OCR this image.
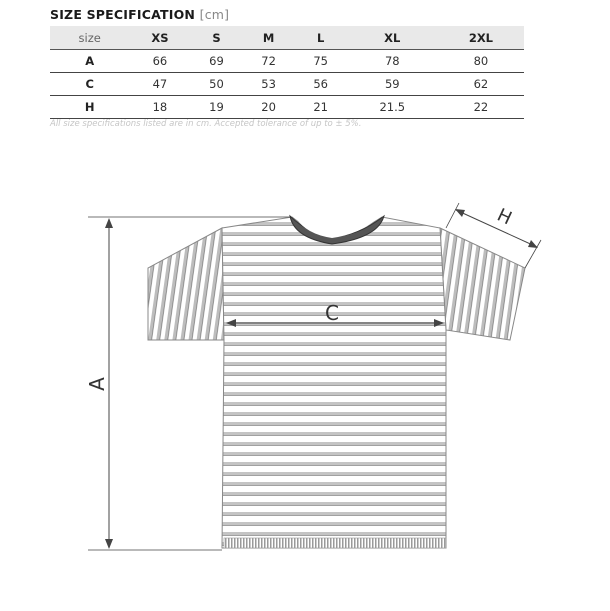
SIZE SPECIFICATION [cm]
size	XS	S	M	L	XL	2XL
A	66	69	72	75	78	80
C	47	50	53	56	59	62
H	18	19	20	21	21.5	22
All size specifications listed are in cm. Accepted tolerance of up to ± 5%.
A
C
H
